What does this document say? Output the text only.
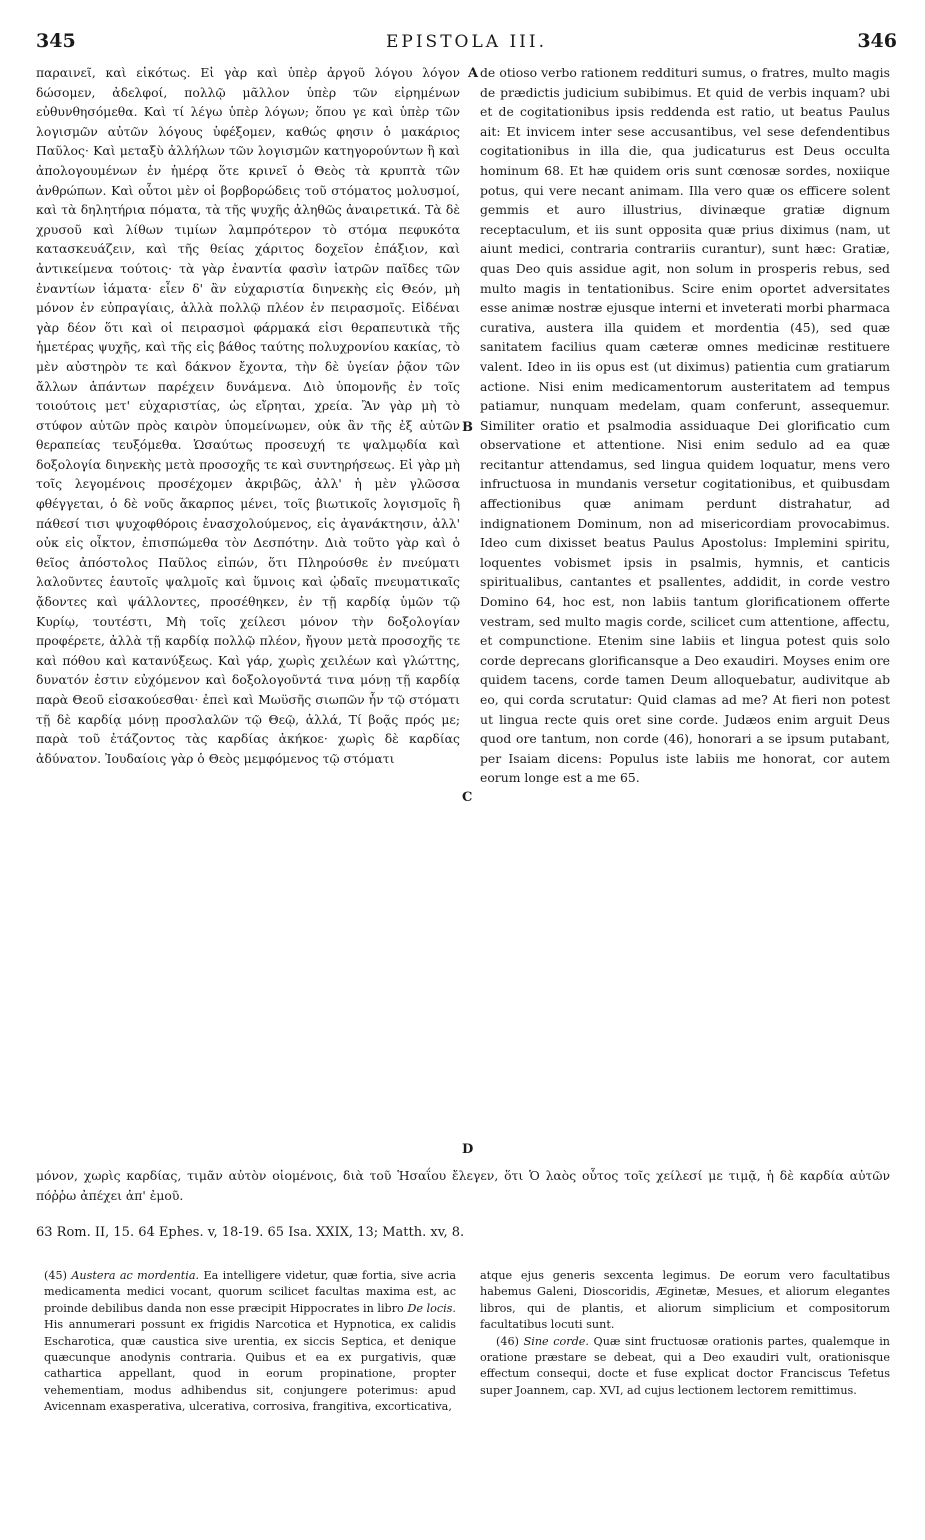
345	EPISTOLA III.	346

παραινεῖ, καὶ εἰκότως. Εἰ γὰρ καὶ ὑπὲρ ἀργοῦ λόγου λόγον δώσομεν, ἀδελφοί, πολλῷ μᾶλλον ὑπὲρ τῶν εἰρημένων εὐθυνθησόμεθα. Καὶ τί λέγω ὑπὲρ λόγων; ὅπου γε καὶ ὑπὲρ τῶν λογισμῶν αὐτῶν λόγους ὑφέξομεν, καθώς φησιν ὁ μακάριος Παῦλος· Καὶ μεταξὺ ἀλλήλων τῶν λογισμῶν κατηγορούντων ἢ καὶ ἀπολογουμένων ἐν ἡμέρᾳ ὅτε κρινεῖ ὁ Θεὸς τὰ κρυπτὰ τῶν ἀνθρώπων. Καὶ οὗτοι μὲν οἱ βορβορώδεις τοῦ στόματος μολυσμοί, καὶ τὰ δηλητήρια πόματα, τὰ τῆς ψυχῆς ἀληθῶς ἀναιρετικά. Τὰ δὲ χρυσοῦ καὶ λίθων τιμίων λαμπρότερον τὸ στόμα πεφυκότα κατασκευάζειν, καὶ τῆς θείας χάριτος δοχεῖον ἐπάξιον, καὶ ἀντικείμενα τούτοις· τὰ γὰρ ἐναντία φασὶν ἰατρῶν παῖδες τῶν ἐναντίων ἰάματα· εἶεν δ' ἂν εὐχαριστία διηνεκὴς εἰς Θεόν, μὴ μόνον ἐν εὐπραγίαις, ἀλλὰ πολλῷ πλέον ἐν πειρασμοῖς. Εἰδέναι γὰρ δέον ὅτι καὶ οἱ πειρασμοὶ φάρμακά εἰσι θεραπευτικὰ τῆς ἡμετέρας ψυχῆς, καὶ τῆς εἰς βάθος ταύτης πολυχρονίου κακίας, τὸ μὲν αὐστηρὸν τε καὶ δάκνον ἔχοντα, τὴν δὲ ὑγείαν ῥᾷον τῶν ἄλλων ἁπάντων παρέχειν δυνάμενα. Διὸ ὑπομονῆς ἐν τοῖς τοιούτοις μετ' εὐχαριστίας, ὡς εἴρηται, χρεία. Ἂν γὰρ μὴ τὸ στύφον αὐτῶν πρὸς καιρὸν ὑπομείνωμεν, οὐκ ἂν τῆς ἐξ αὐτῶν θεραπείας τευξόμεθα. Ὡσαύτως προσευχή τε ψαλμῳδία καὶ δοξολογία διηνεκὴς μετὰ προσοχῆς τε καὶ συντηρήσεως. Εἰ γὰρ μὴ τοῖς λεγομένοις προσέχομεν ἀκριβῶς, ἀλλ' ἡ μὲν γλῶσσα φθέγγεται, ὁ δὲ νοῦς ἄκαρπος μένει, τοῖς βιωτικοῖς λογισμοῖς ἢ πάθεσί τισι ψυχοφθόροις ἐνασχολούμενος, εἰς ἀγανάκτησιν, ἀλλ' οὐκ εἰς οἶκτον, ἐπισπώμεθα τὸν Δεσπότην. Διὰ τοῦτο γὰρ καὶ ὁ θεῖος ἀπόστολος Παῦλος εἰπών, ὅτι Πληρούσθε ἐν πνεύματι λαλοῦντες ἑαυτοῖς ψαλμοῖς καὶ ὕμνοις καὶ ᾠδαῖς πνευματικαῖς ᾄδοντες καὶ ψάλλοντες, προσέθηκεν, ἐν τῇ καρδίᾳ ὑμῶν τῷ Κυρίῳ, τουτέστι, Μὴ τοῖς χείλεσι μόνον τὴν δοξολογίαν προφέρετε, ἀλλὰ τῇ καρδίᾳ πολλῷ πλέον, ἤγουν μετὰ προσοχῆς τε καὶ πόθου καὶ κατανύξεως. Καὶ γάρ, χωρὶς χειλέων καὶ γλώττης, δυνατόν ἐστιν εὐχόμενον καὶ δοξολογοῦντά τινα μόνῃ τῇ καρδίᾳ παρὰ Θεοῦ εἰσακούεσθαι· ἐπεὶ καὶ Μωϋσῆς σιωπῶν ἦν τῷ στόματι τῇ δὲ καρδίᾳ μόνῃ προσλαλῶν τῷ Θεῷ, ἀλλά, Τί βοᾷς πρός με; παρὰ τοῦ ἐτάζοντος τὰς καρδίας ἀκήκοε· χωρὶς δὲ καρδίας ἀδύνατον. Ἰουδαίοις γὰρ ὁ Θεὸς μεμφόμενος τῷ στόματι

de otioso verbo rationem reddituri sumus, o fratres, multo magis de prædictis judicium subibimus. Et quid de verbis inquam? ubi et de cogitationibus ipsis reddenda est ratio, ut beatus Paulus ait: Et invicem inter sese accusantibus, vel sese defendentibus cogitationibus in illa die, qua judicaturus est Deus occulta hominum 68. Et hæ quidem oris sunt cœnosæ sordes, noxiique potus, qui vere necant animam. Illa vero quæ os efficere solent gemmis et auro illustrius, divinæque gratiæ dignum receptaculum, et iis sunt opposita quæ prius diximus (nam, ut aiunt medici, contraria contrariis curantur), sunt hæc: Gratiæ, quas Deo quis assidue agit, non solum in prosperis rebus, sed multo magis in tentationibus. Scire enim oportet adversitates esse animæ nostræ ejusque interni et inveterati morbi pharmaca curativa, austera illa quidem et mordentia (45), sed quæ sanitatem facilius quam cæteræ omnes medicinæ restituere valent. Ideo in iis opus est (ut diximus) patientia cum gratiarum actione. Nisi enim medicamentorum austeritatem ad tempus patiamur, nunquam medelam, quam conferunt, assequemur. Similiter oratio et psalmodia assiduaque Dei glorificatio cum observatione et attentione. Nisi enim sedulo ad ea quæ recitantur attendamus, sed lingua quidem loquatur, mens vero infructuosa in mundanis versetur cogitationibus, et quibusdam affectionibus quæ animam perdunt distrahatur, ad indignationem Dominum, non ad misericordiam provocabimus. Ideo cum dixisset beatus Paulus Apostolus: Implemini spiritu, loquentes vobismet ipsis in psalmis, hymnis, et canticis spiritualibus, cantantes et psallentes, addidit, in corde vestro Domino 64, hoc est, non labiis tantum glorificationem offerte vestram, sed multo magis corde, scilicet cum attentione, affectu, et compunctione. Etenim sine labiis et lingua potest quis solo corde deprecans glorificansque a Deo exaudiri. Moyses enim ore quidem tacens, corde tamen Deum alloquebatur, audivitque ab eo, qui corda scrutatur: Quid clamas ad me? At fieri non potest ut lingua recte quis oret sine corde. Judæos enim arguit Deus quod ore tantum, non corde (46), honorari a se ipsum putabant, per Isaiam dicens: Populus iste labiis me honorat, cor autem eorum longe est a me 65.

A
B
C
D

μόνον, χωρὶς καρδίας, τιμᾶν αὐτὸν οἰομένοις, διὰ τοῦ Ἡσαΐου ἔλεγεν, ὅτι Ὁ λαὸς οὗτος τοῖς χείλεσί με τιμᾷ, ἡ δὲ καρδία αὐτῶν πόῤῥω ἀπέχει ἀπ' ἐμοῦ.

63 Rom. II, 15. 64 Ephes. v, 18-19. 65 Isa. XXIX, 13; Matth. xv, 8.

(45) Austera ac mordentia. Ea intelligere videtur, quæ fortia, sive acria medicamenta medici vocant, quorum scilicet facultas maxima est, ac proinde debilibus danda non esse præcipit Hippocrates in libro De locis. His annumerari possunt ex frigidis Narcotica et Hypnotica, ex calidis Escharotica, quæ caustica sive urentia, ex siccis Septica, et denique quæcunque anodynis contraria. Quibus et ea ex purgativis, quæ cathartica appellant, quod in eorum propinatione, propter vehementiam, modus adhibendus sit, conjungere poterimus: apud Avicennam exasperativa, ulcerativa, corrosiva, frangitiva, excorticativa,

atque ejus generis sexcenta legimus. De eorum vero facultatibus habemus Galeni, Dioscoridis, Æginetæ, Mesues, et aliorum elegantes libros, qui de plantis, et aliorum simplicium et compositorum facultatibus locuti sunt.

(46) Sine corde. Quæ sint fructuosæ orationis partes, qualemque in oratione præstare se debeat, qui a Deo exaudiri vult, orationisque effectum consequi, docte et fuse explicat doctor Franciscus Tefetus super Joannem, cap. XVI, ad cujus lectionem lectorem remittimus.
